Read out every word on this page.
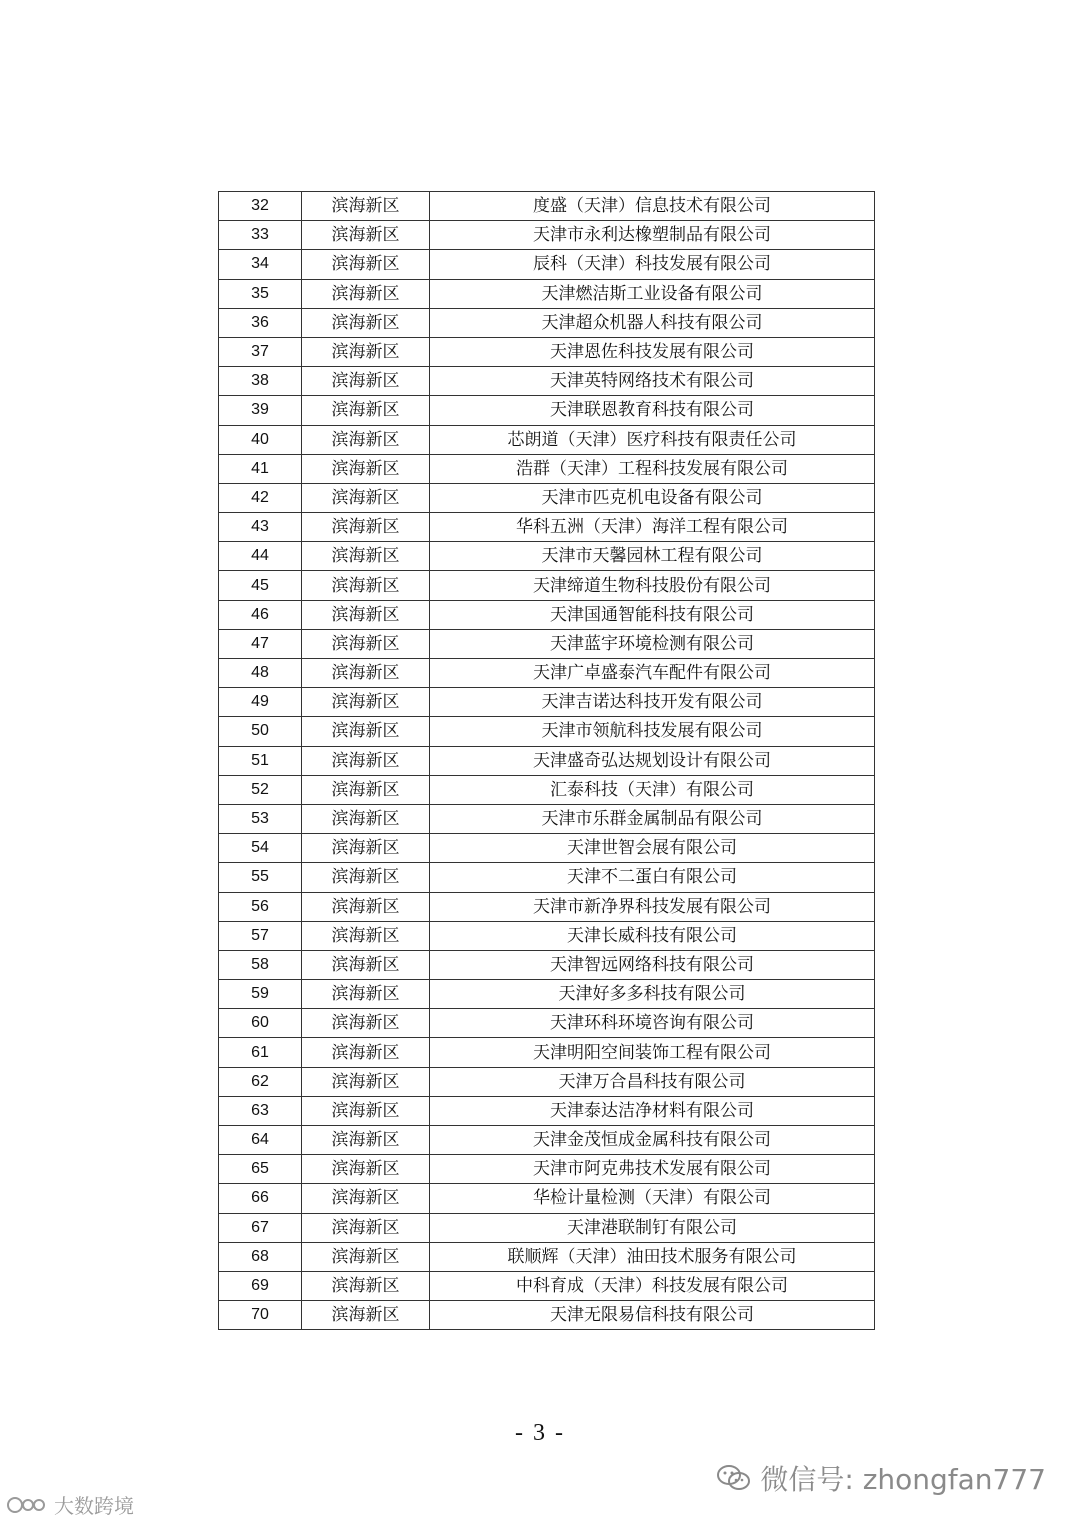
32	滨海新区	度盛（天津）信息技术有限公司
33	滨海新区	天津市永利达橡塑制品有限公司
34	滨海新区	辰科（天津）科技发展有限公司
35	滨海新区	天津燃洁斯工业设备有限公司
36	滨海新区	天津超众机器人科技有限公司
37	滨海新区	天津恩佐科技发展有限公司
38	滨海新区	天津英特网络技术有限公司
39	滨海新区	天津联恩教育科技有限公司
40	滨海新区	芯朗道（天津）医疗科技有限责任公司
41	滨海新区	浩群（天津）工程科技发展有限公司
42	滨海新区	天津市匹克机电设备有限公司
43	滨海新区	华科五洲（天津）海洋工程有限公司
44	滨海新区	天津市天馨园林工程有限公司
45	滨海新区	天津缔道生物科技股份有限公司
46	滨海新区	天津国通智能科技有限公司
47	滨海新区	天津蓝宇环境检测有限公司
48	滨海新区	天津广卓盛泰汽车配件有限公司
49	滨海新区	天津吉诺达科技开发有限公司
50	滨海新区	天津市领航科技发展有限公司
51	滨海新区	天津盛奇弘达规划设计有限公司
52	滨海新区	汇泰科技（天津）有限公司
53	滨海新区	天津市乐群金属制品有限公司
54	滨海新区	天津世智会展有限公司
55	滨海新区	天津不二蛋白有限公司
56	滨海新区	天津市新净界科技发展有限公司
57	滨海新区	天津长威科技有限公司
58	滨海新区	天津智远网络科技有限公司
59	滨海新区	天津好多多科技有限公司
60	滨海新区	天津环科环境咨询有限公司
61	滨海新区	天津明阳空间装饰工程有限公司
62	滨海新区	天津万合昌科技有限公司
63	滨海新区	天津泰达洁净材料有限公司
64	滨海新区	天津金茂恒成金属科技有限公司
65	滨海新区	天津市阿克弗技术发展有限公司
66	滨海新区	华检计量检测（天津）有限公司
67	滨海新区	天津港联制钉有限公司
68	滨海新区	联顺辉（天津）油田技术服务有限公司
69	滨海新区	中科育成（天津）科技发展有限公司
70	滨海新区	天津无限易信科技有限公司
- 3 -
微信号: zhongfan777
大数跨境
